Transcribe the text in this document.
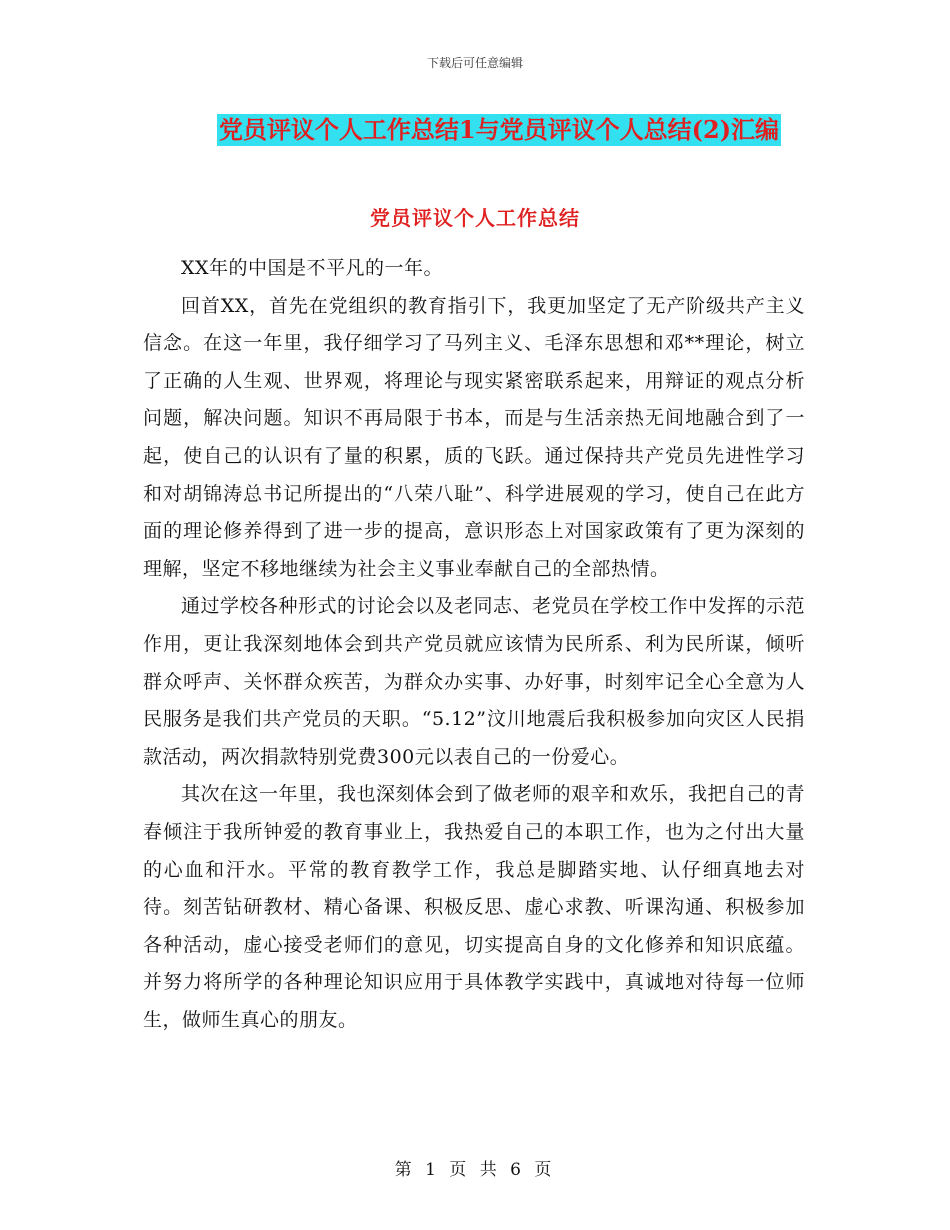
下载后可任意编辑
党员评议个人工作总结1与党员评议个人总结(2)汇编
党员评议个人工作总结

XX年的中国是不平凡的一年。

回首XX，首先在党组织的教育指引下，我更加坚定了无产阶级共产主义信念。在这一年里，我仔细学习了马列主义、毛泽东思想和邓**理论，树立了正确的人生观、世界观，将理论与现实紧密联系起来，用辩证的观点分析问题，解决问题。知识不再局限于书本，而是与生活亲热无间地融合到了一起，使自己的认识有了量的积累，质的飞跃。通过保持共产党员先进性学习和对胡锦涛总书记所提出的“八荣八耻”、科学进展观的学习，使自己在此方面的理论修养得到了进一步的提高，意识形态上对国家政策有了更为深刻的理解，坚定不移地继续为社会主义事业奉献自己的全部热情。

通过学校各种形式的讨论会以及老同志、老党员在学校工作中发挥的示范作用，更让我深刻地体会到共产党员就应该情为民所系、利为民所谋，倾听群众呼声、关怀群众疾苦，为群众办实事、办好事，时刻牢记全心全意为人民服务是我们共产党员的天职。“5.12”汶川地震后我积极参加向灾区人民捐款活动，两次捐款特别党费300元以表自己的一份爱心。

其次在这一年里，我也深刻体会到了做老师的艰辛和欢乐，我把自己的青春倾注于我所钟爱的教育事业上，我热爱自己的本职工作，也为之付出大量的心血和汗水。平常的教育教学工作，我总是脚踏实地、认仔细真地去对待。刻苦钻研教材、精心备课、积极反思、虚心求教、听课沟通、积极参加各种活动，虚心接受老师们的意见，切实提高自身的文化修养和知识底蕴。并努力将所学的各种理论知识应用于具体教学实践中，真诚地对待每一位师生，做师生真心的朋友。

第 1 页 共 6 页
